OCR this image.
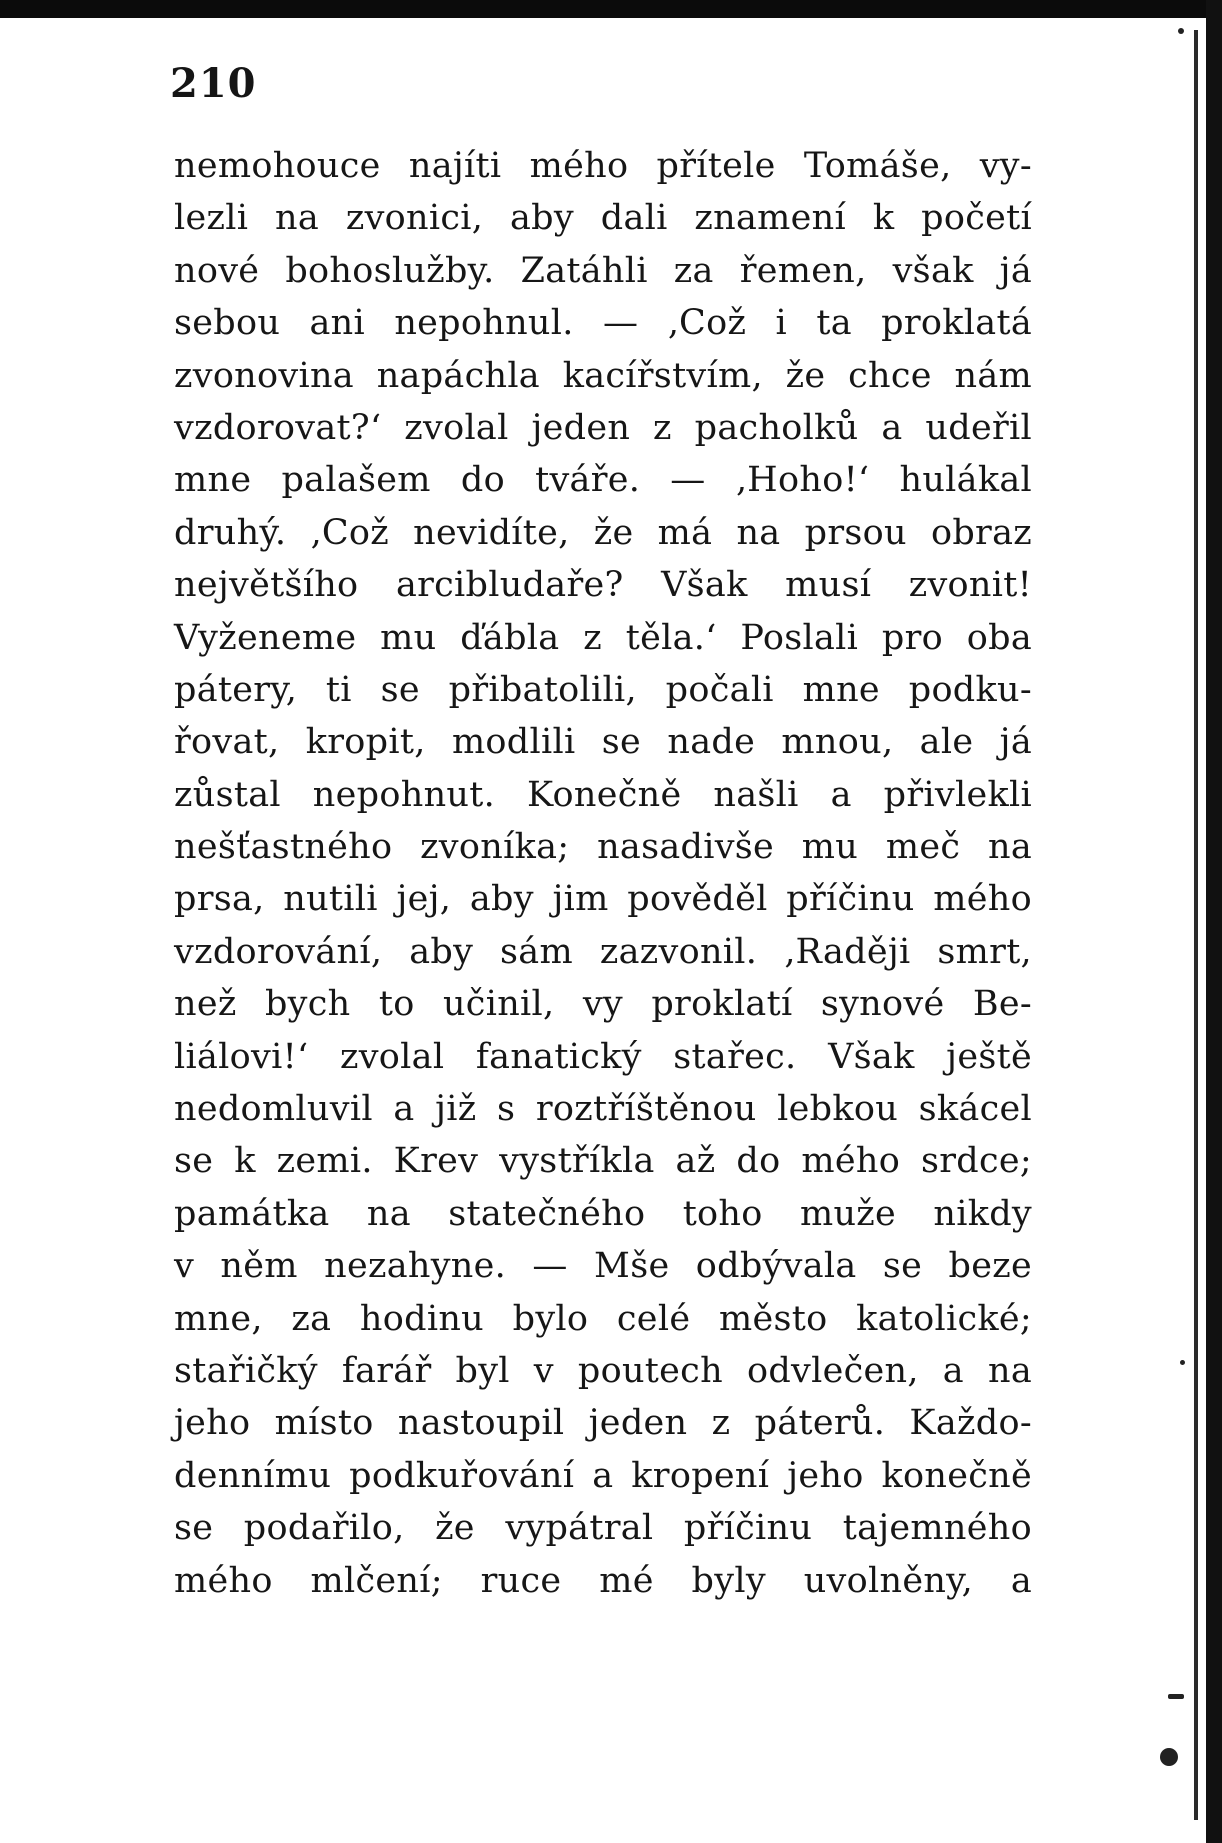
210
nemohouce najíti mého přítele Tomáše, vy-
lezli na zvonici, aby dali znamení k početí
nové bohoslužby. Zatáhli za řemen, však já
sebou ani nepohnul. — ‚Což i ta proklatá
zvonovina napáchla kacířstvím, že chce nám
vzdorovat?‘ zvolal jeden z pacholků a udeřil
mne palašem do tváře. — ‚Hoho!‘ hulákal
druhý. ‚Což nevidíte, že má na prsou obraz
největšího arcibludaře? Však musí zvonit!
Vyženeme mu ďábla z těla.‘ Poslali pro oba
pátery, ti se přibatolili, počali mne podku-
řovat, kropit, modlili se nade mnou, ale já
zůstal nepohnut. Konečně našli a přivlekli
nešťastného zvoníka; nasadivše mu meč na
prsa, nutili jej, aby jim pověděl příčinu mého
vzdorování, aby sám zazvonil. ‚Raději smrt,
než bych to učinil, vy proklatí synové Be-
liálovi!‘ zvolal fanatický stařec. Však ještě
nedomluvil a již s roztříštěnou lebkou skácel
se k zemi. Krev vystříkla až do mého srdce;
památka na statečného toho muže nikdy
v něm nezahyne. — Mše odbývala se beze
mne, za hodinu bylo celé město katolické;
stařičký farář byl v poutech odvlečen, a na
jeho místo nastoupil jeden z páterů. Každo-
dennímu podkuřování a kropení jeho konečně
se podařilo, že vypátral příčinu tajemného
mého mlčení; ruce mé byly uvolněny, a
